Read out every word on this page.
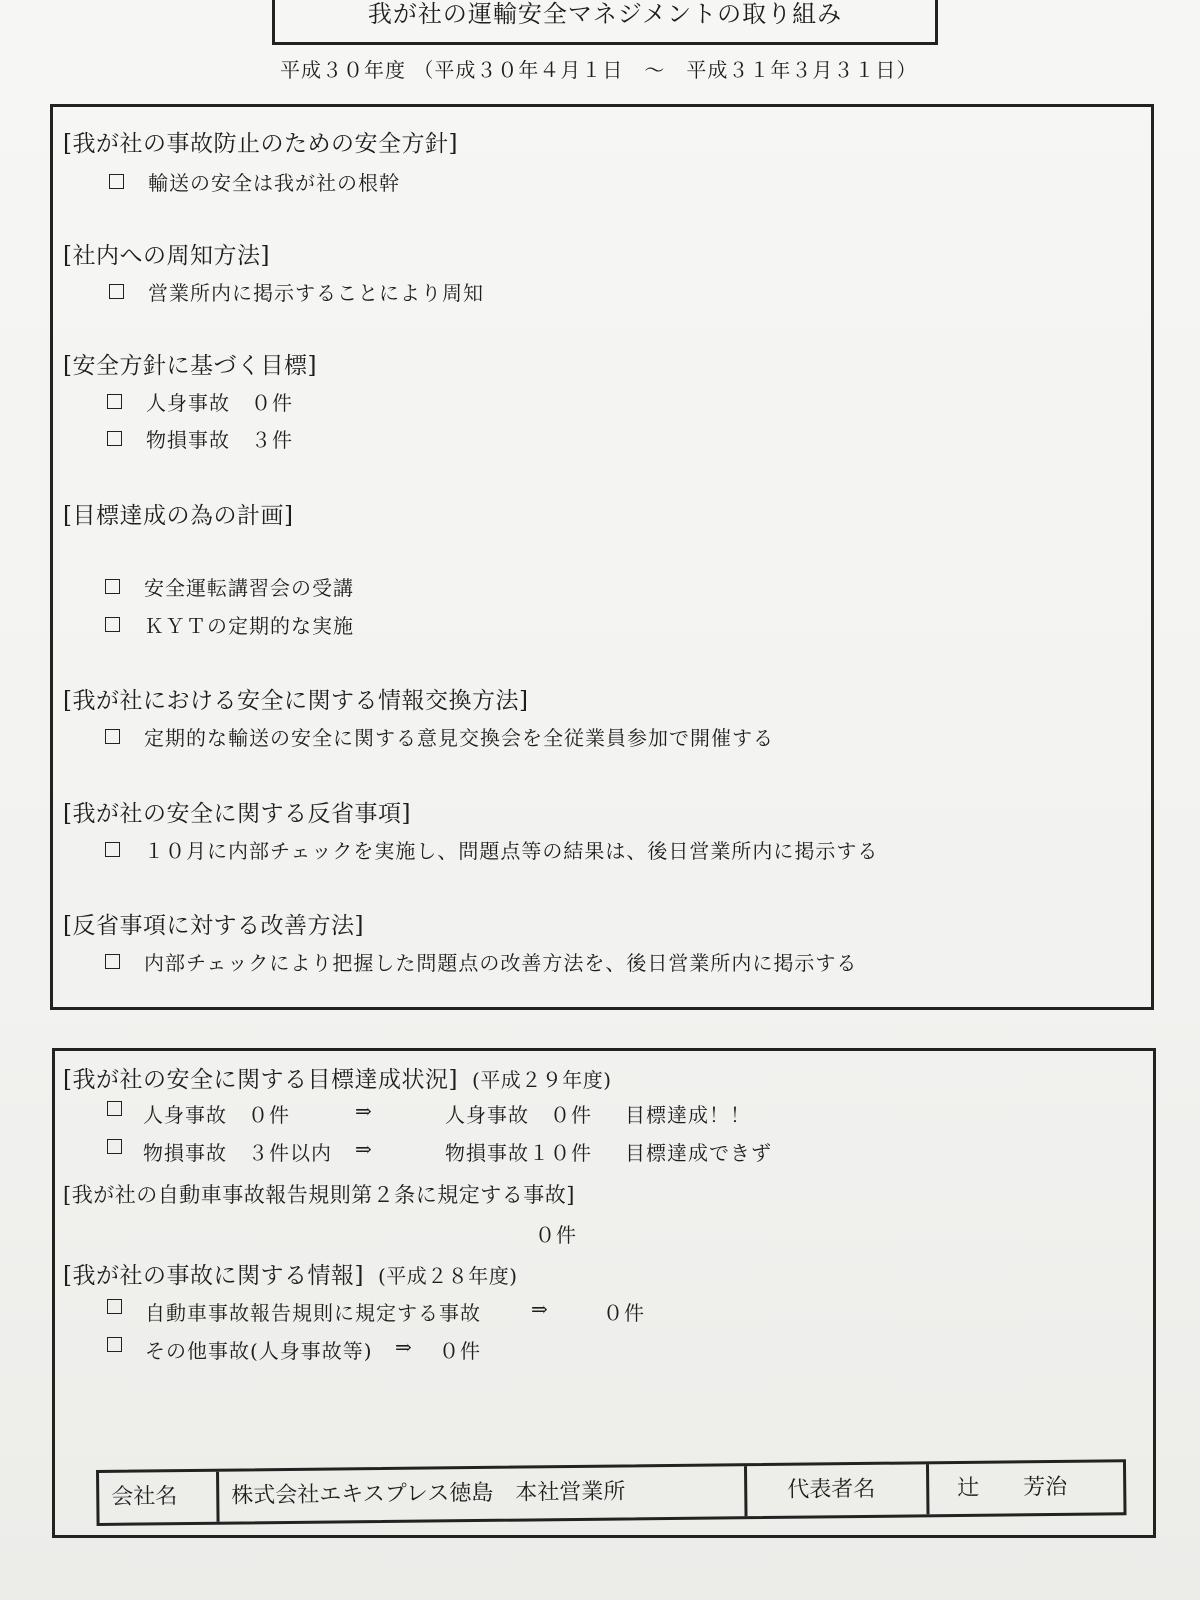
我が社の運輸安全マネジメントの取り組み
平成３０年度 （平成３０年４月１日　～　平成３１年３月３１日）
[我が社の事故防止のための安全方針]
輸送の安全は我が社の根幹
[社内への周知方法]
営業所内に掲示することにより周知
[安全方針に基づく目標]
人身事故　０件
物損事故　３件
[目標達成の為の計画]
安全運転講習会の受講
ＫＹＴの定期的な実施
[我が社における安全に関する情報交換方法]
定期的な輸送の安全に関する意見交換会を全従業員参加で開催する
[我が社の安全に関する反省事項]
１０月に内部チェックを実施し、問題点等の結果は、後日営業所内に掲示する
[反省事項に対する改善方法]
内部チェックにより把握した問題点の改善方法を、後日営業所内に掲示する
[我が社の安全に関する目標達成状況] (平成２９年度)
人身事故　０件	⇒	人身事故　０件 目標達成！！
物損事故　３件以内 ⇒	物損事故１０件 目標達成できず
[我が社の自動車事故報告規則第２条に規定する事故]
０件
[我が社の事故に関する情報] (平成２８年度)
自動車事故報告規則に規定する事故	⇒	０件
その他事故(人身事故等) ⇒ ０件
会社名	株式会社エキスプレス徳島　本社営業所	代表者名	辻　　芳治
